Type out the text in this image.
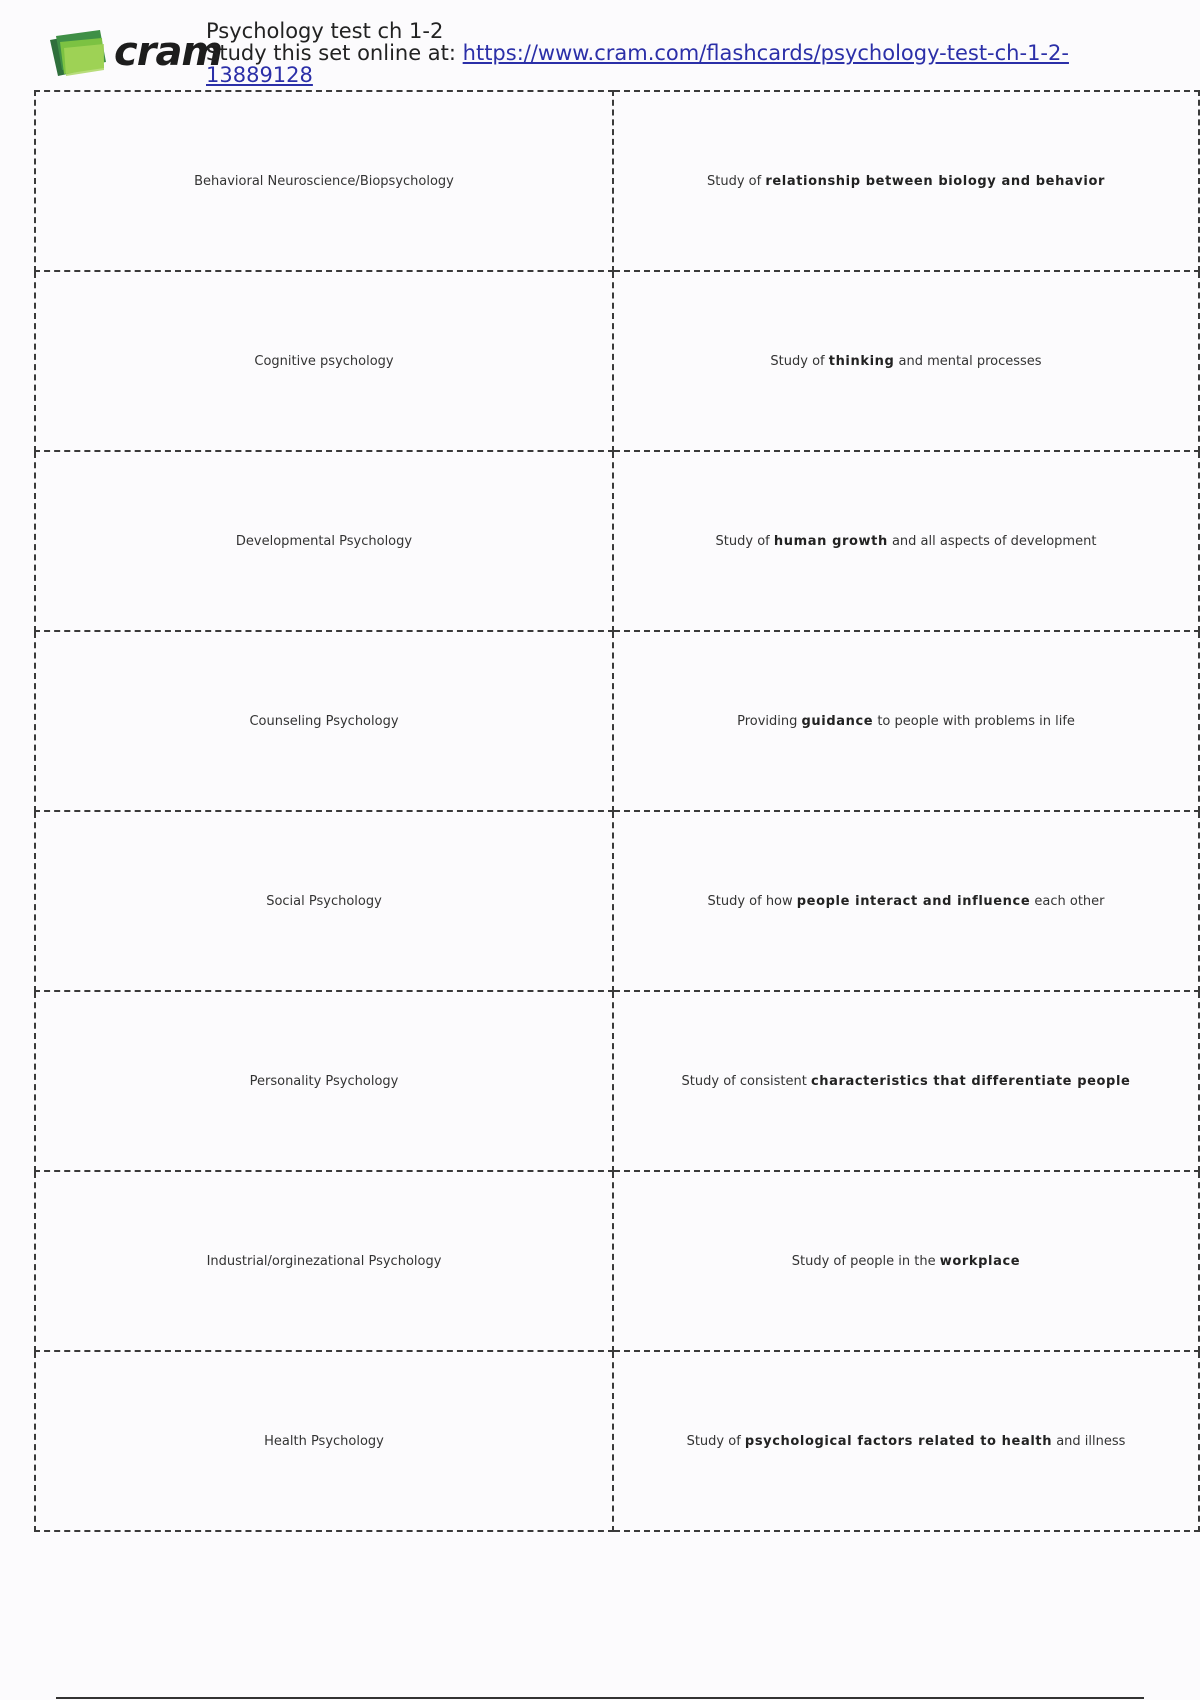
cram
Psychology test ch 1-2
Study this set online at: https://www.cram.com/flashcards/psychology-test-ch-1-2-13889128
Behavioral Neuroscience/Biopsychology	Study of relationship between biology and behavior
Cognitive psychology	Study of thinking and mental processes
Developmental Psychology	Study of human growth and all aspects of development
Counseling Psychology	Providing guidance to people with problems in life
Social Psychology	Study of how people interact and influence each other
Personality Psychology	Study of consistent characteristics that differentiate people
Industrial/orginezational Psychology	Study of people in the workplace
Health Psychology	Study of psychological factors related to health and illness
